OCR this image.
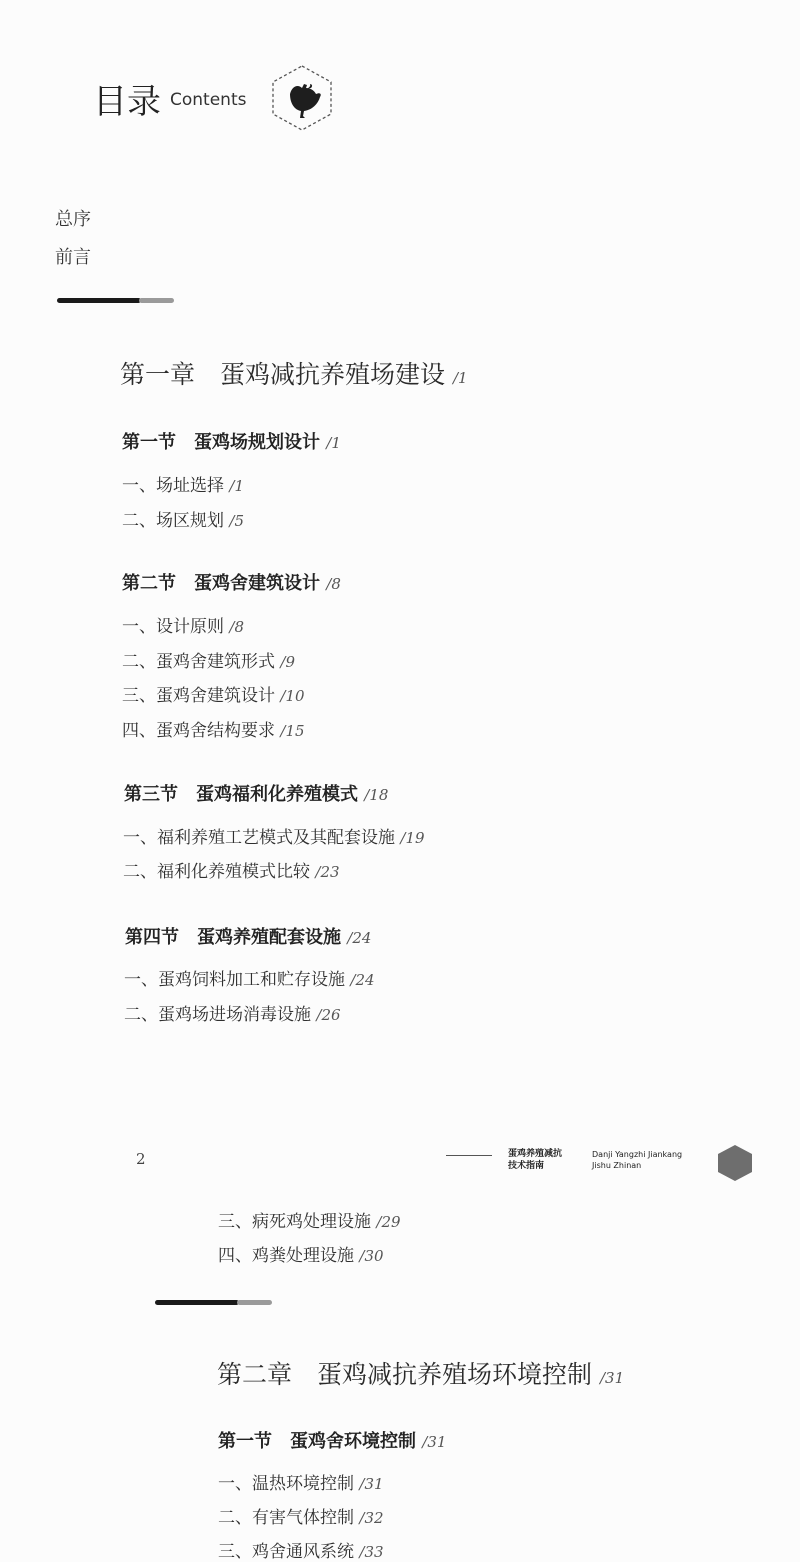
目录 Contents
总序
前言
第一章　蛋鸡减抗养殖场建设 /1
第一节　蛋鸡场规划设计 /1
一、场址选择 /1
二、场区规划 /5
第二节　蛋鸡舍建筑设计 /8
一、设计原则 /8
二、蛋鸡舍建筑形式 /9
三、蛋鸡舍建筑设计 /10
四、蛋鸡舍结构要求 /15
第三节　蛋鸡福利化养殖模式 /18
一、福利养殖工艺模式及其配套设施 /19
二、福利化养殖模式比较 /23
第四节　蛋鸡养殖配套设施 /24
一、蛋鸡饲料加工和贮存设施 /24
二、蛋鸡场进场消毒设施 /26
2	蛋鸡养殖减抗
技术指南
Danji Yangzhi Jiankang
Jishu Zhinan
三、病死鸡处理设施 /29
四、鸡粪处理设施 /30
第二章　蛋鸡减抗养殖场环境控制 /31
第一节　蛋鸡舍环境控制 /31
一、温热环境控制 /31
二、有害气体控制 /32
三、鸡舍通风系统 /33
